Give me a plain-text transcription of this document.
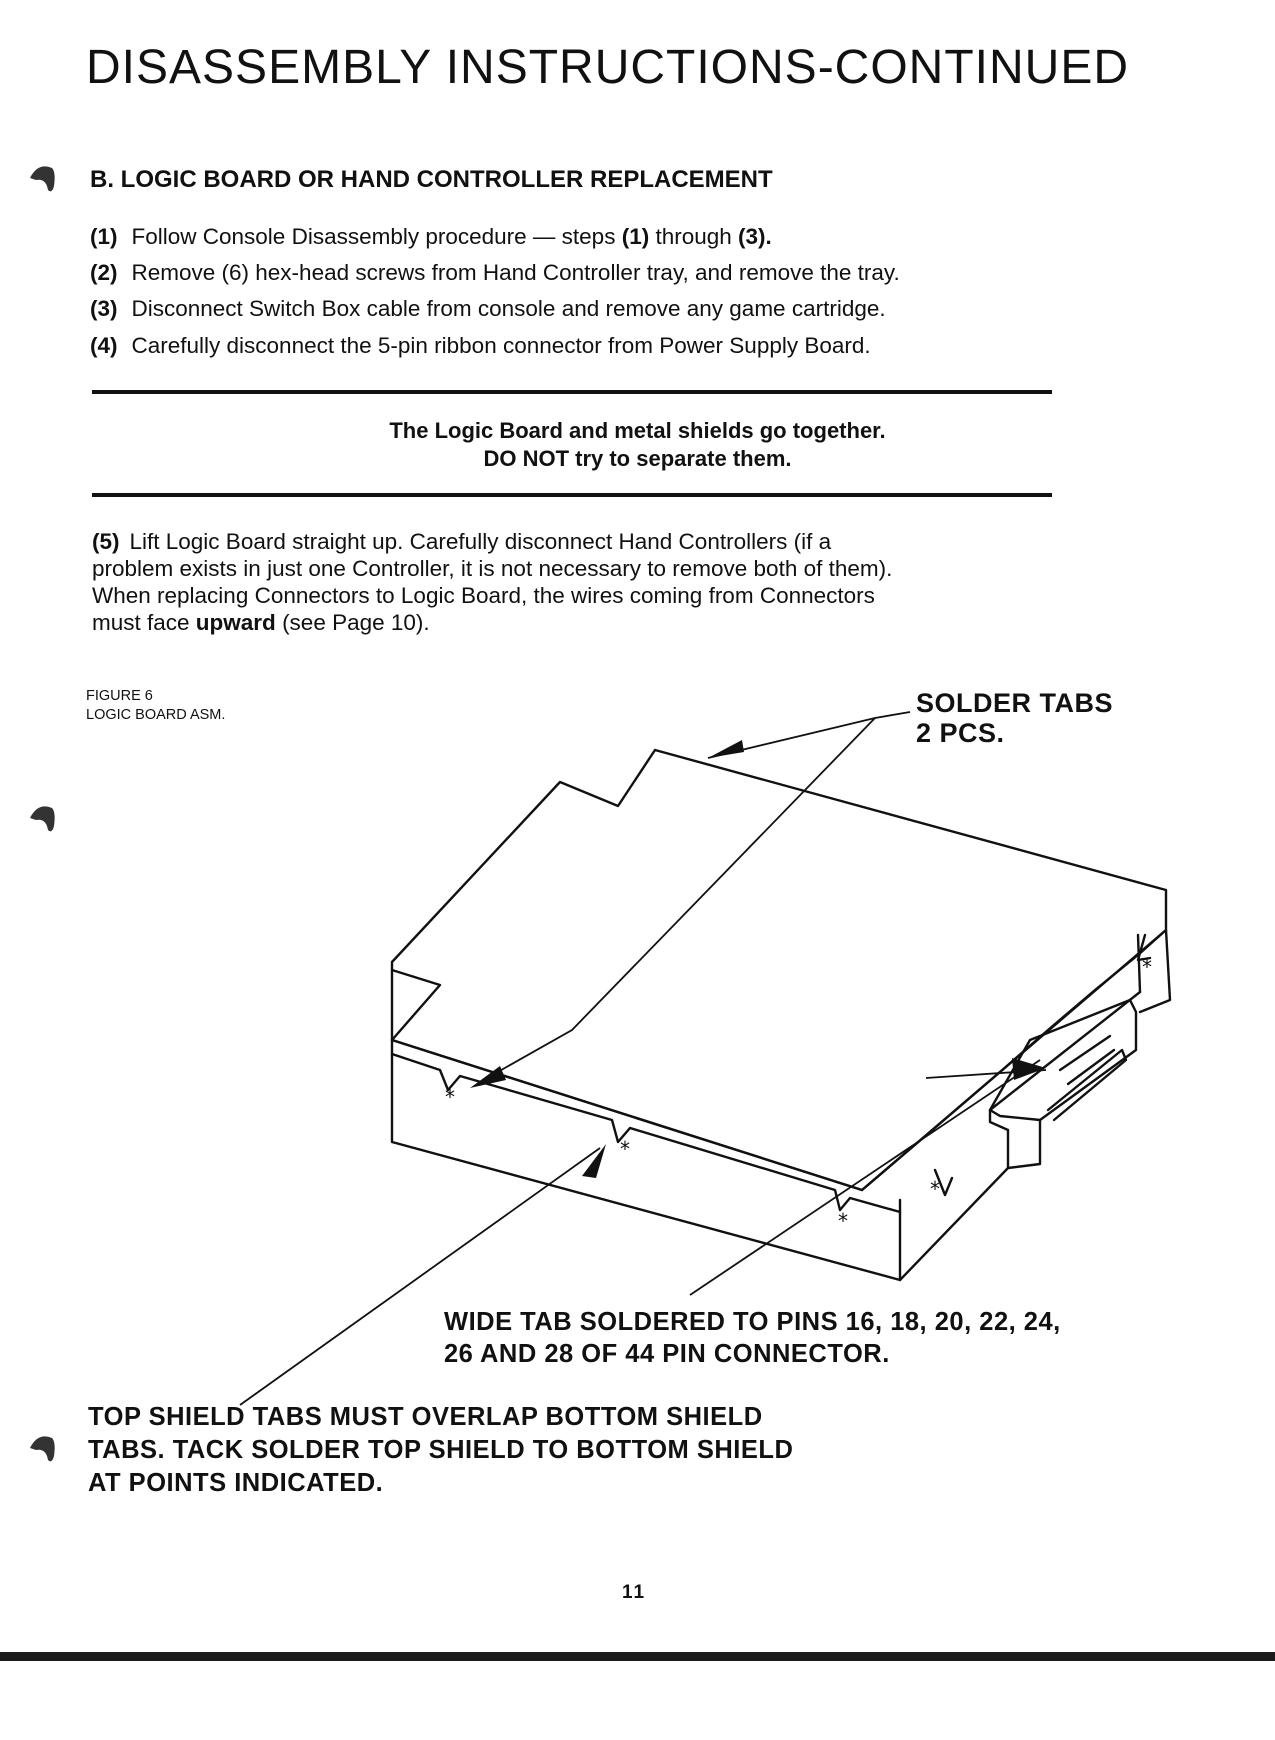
DISASSEMBLY INSTRUCTIONS-CONTINUED
B. LOGIC BOARD OR HAND CONTROLLER REPLACEMENT
(1) Follow Console Disassembly procedure — steps (1) through (3).
(2) Remove (6) hex-head screws from Hand Controller tray, and remove the tray.
(3) Disconnect Switch Box cable from console and remove any game cartridge.
(4) Carefully disconnect the 5-pin ribbon connector from Power Supply Board.
The Logic Board and metal shields go together.
DO NOT try to separate them.
(5) Lift Logic Board straight up. Carefully disconnect Hand Controllers (if a
problem exists in just one Controller, it is not necessary to remove both of them).
When replacing Connectors to Logic Board, the wires coming from Connectors
must face upward (see Page 10).
FIGURE 6
LOGIC BOARD ASM.
*
*
*
*
*
SOLDER TABS
2 PCS.
WIDE TAB SOLDERED TO PINS 16, 18, 20, 22, 24,
26 AND 28 OF 44 PIN CONNECTOR.
TOP SHIELD TABS MUST OVERLAP BOTTOM SHIELD
TABS. TACK SOLDER TOP SHIELD TO BOTTOM SHIELD
AT POINTS INDICATED.
11
